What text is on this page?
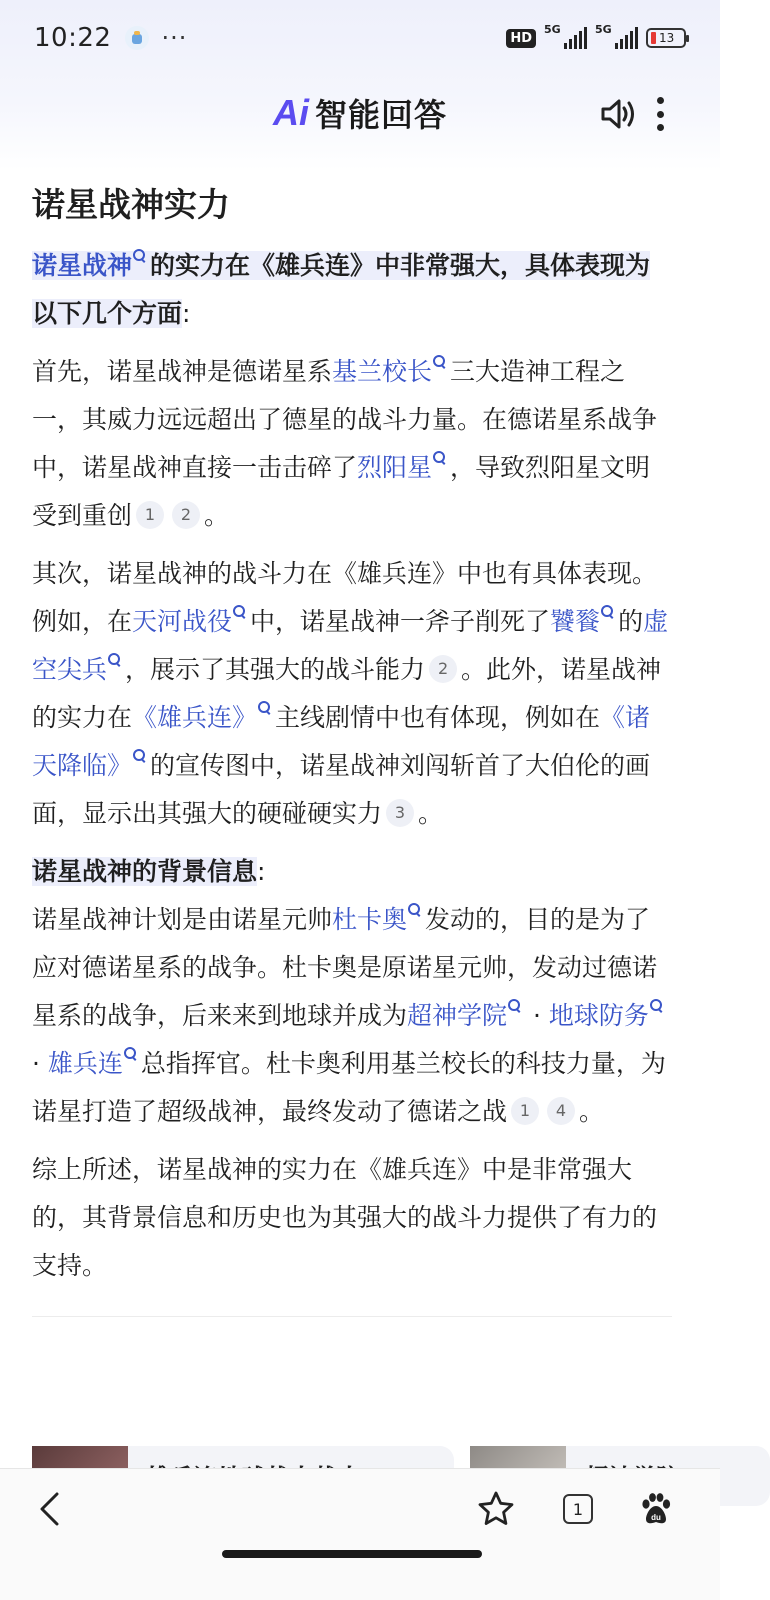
10:22 ···	HD
5G	5G
13
Ai 智能回答
诺星战神实力
诺星战神 的实力在《雄兵连》中非常强大，具体表现为以下几个方面:
首先，诺星战神是德诺星系基兰校长 三大造神工程之一，其威力远远超出了德星的战斗力量。在德诺星系战争中，诺星战神直接一击击碎了烈阳星 ，导致烈阳星文明受到重创 1 2 。
其次，诺星战神的战斗力在《雄兵连》中也有具体表现。例如，在天河战役 中，诺星战神一斧子削死了饕餮 的虚空尖兵 ，展示了其强大的战斗能力 2 。此外，诺星战神的实力在《雄兵连》 主线剧情中也有体现，例如在《诸天降临》 的宣传图中，诺星战神刘闯斩首了大伯伦的画面，显示出其强大的硬碰硬实力 3 。
诺星战神的背景信息:
诺星战神计划是由诺星元帅杜卡奥 发动的，目的是为了应对德诺星系的战争。杜卡奥是原诺星元帅，发动过德诺星系的战争，后来来到地球并成为超神学院 · 地球防务 · 雄兵连 总指挥官。杜卡奥利用基兰校长的科技力量，为诺星打造了超级战神，最终发动了德诺之战 1 4 。
综上所述，诺星战神的实力在《雄兵连》中是非常强大的，其背景信息和历史也为其强大的战斗力提供了有力的支持。
1	du
